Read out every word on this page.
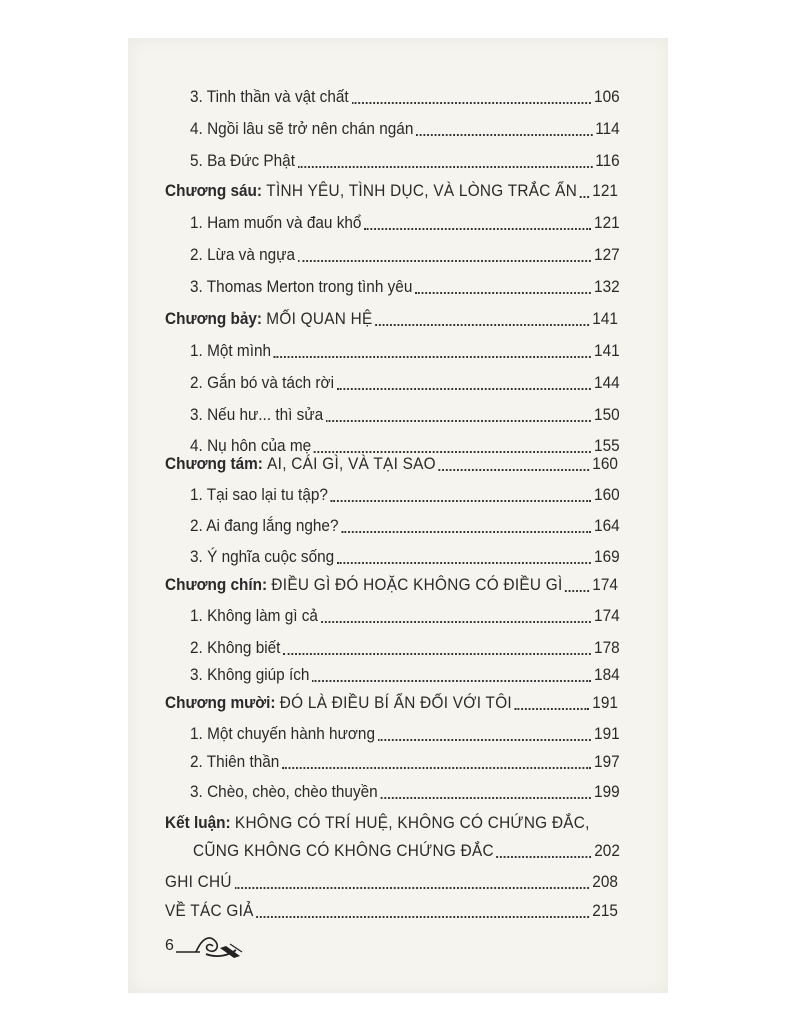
3. Tinh thần và vật chất	106
4. Ngồi lâu sẽ trở nên chán ngán	114
5. Ba Đức Phật	116
Chương sáu: TÌNH YÊU, TÌNH DỤC, VÀ LÒNG TRẮC ẨN 121
1. Ham muốn và đau khổ	121
2. Lừa và ngựa	127
3. Thomas Merton trong tình yêu	132
Chương bảy: MỐI QUAN HỆ	141
1. Một mình	141
2. Gắn bó và tách rời	144
3. Nếu hư... thì sửa	150
4. Nụ hôn của mẹ	155
Chương tám: AI, CÁI GÌ, VÀ TẠI SAO	160
1. Tại sao lại tu tập?	160
2. Ai đang lắng nghe?	164
3. Ý nghĩa cuộc sống	169
Chương chín: ĐIỀU GÌ ĐÓ HOẶC KHÔNG CÓ ĐIỀU GÌ 174
1. Không làm gì cả	174
2. Không biết	178
3. Không giúp ích	184
Chương mười: ĐÓ LÀ ĐIỀU BÍ ẨN ĐỐI VỚI TÔI	191
1. Một chuyến hành hương	191
2. Thiên thần	197
3. Chèo, chèo, chèo thuyền	199
Kết luận: KHÔNG CÓ TRÍ HUỆ, KHÔNG CÓ CHỨNG ĐẮC,
CŨNG KHÔNG CÓ KHÔNG CHỨNG ĐẮC	202
GHI CHÚ	208
VỀ TÁC GIẢ	215
6
